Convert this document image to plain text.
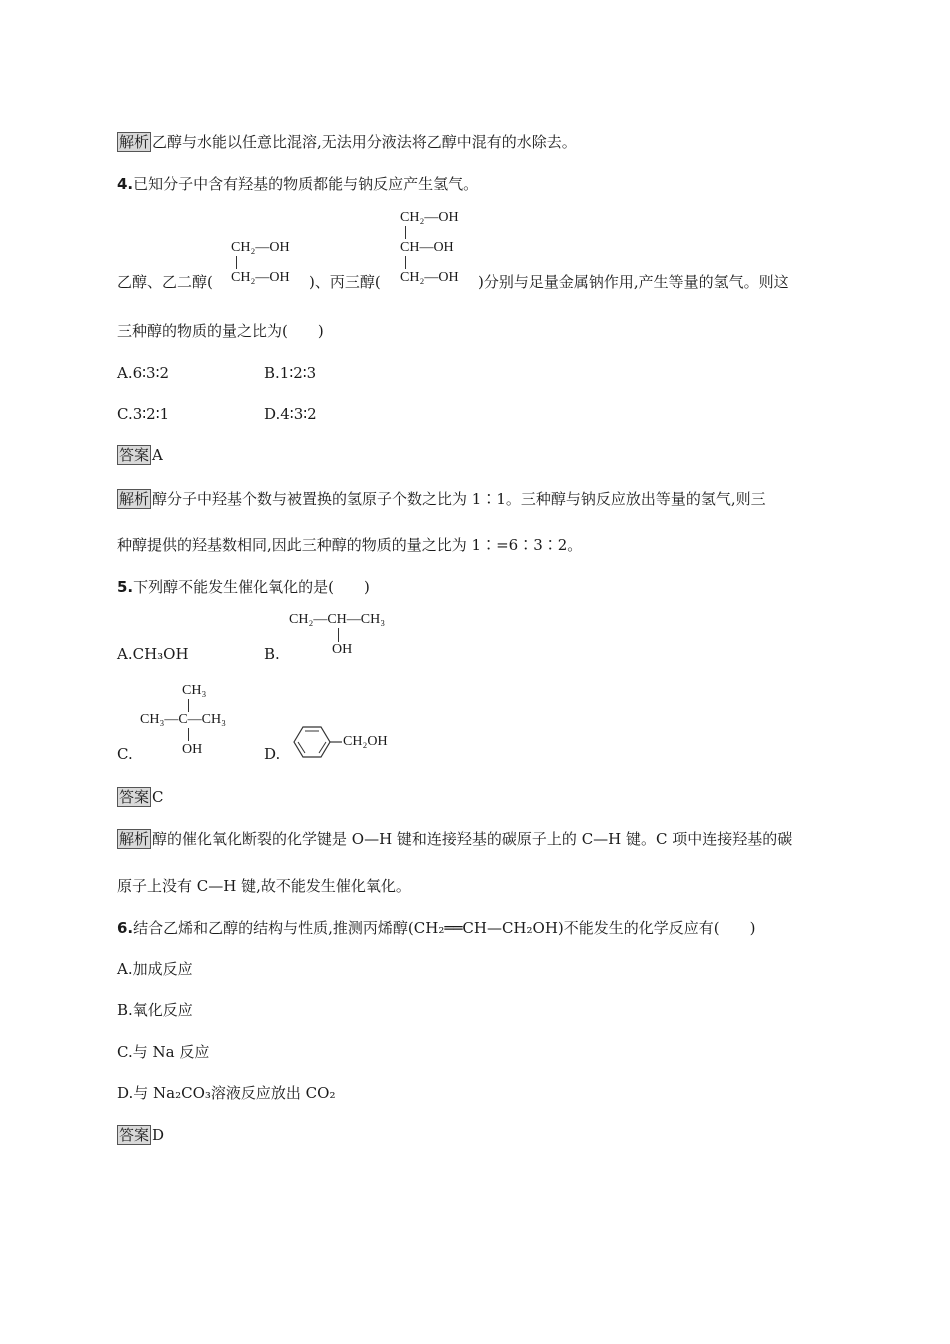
解析 乙醇与水能以任意比混溶,无法用分液法将乙醇中混有的水除去。
4.已知分子中含有羟基的物质都能与钠反应产生氢气。
CH₂—OH
CH₂—OH
CH₂—OH
CH—OH
CH₂—OH
乙醇、乙二醇(	)、丙三醇(	)分别与足量金属钠作用,产生等量的氢气。则这
三种醇的物质的量之比为(　　)
A.6∶3∶2	B.1∶2∶3
C.3∶2∶1	D.4∶3∶2
答案 A
解析 醇分子中羟基个数与被置换的氢原子个数之比为 1∶1。三种醇与钠反应放出等量的氢气,则三
种醇提供的羟基数相同,因此三种醇的物质的量之比为 1∶=6∶3∶2。
5.下列醇不能发生催化氧化的是(　　)
A.CH₃OH	B.
CH₂—CH—CH₃
OH
CH₃
CH₃—C—CH₃
OH
C.	D.
CH₂OH
答案 C
解析 醇的催化氧化断裂的化学键是 O—H 键和连接羟基的碳原子上的 C—H 键。C 项中连接羟基的碳
原子上没有 C—H 键,故不能发生催化氧化。
6.结合乙烯和乙醇的结构与性质,推测丙烯醇(CH₂══CH—CH₂OH)不能发生的化学反应有(　　)
A.加成反应
B.氧化反应
C.与 Na 反应
D.与 Na₂CO₃溶液反应放出 CO₂
答案 D
